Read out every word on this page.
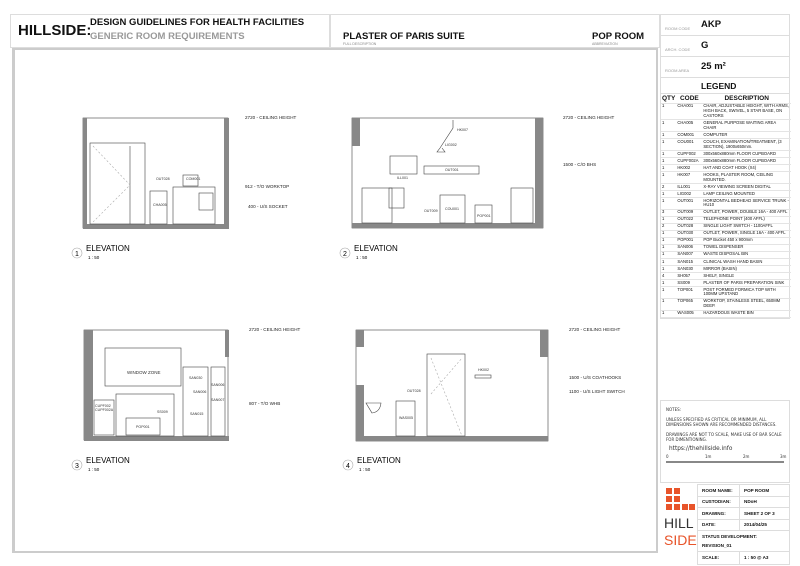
HILLSIDE:
DESIGN GUIDELINES FOR HEALTH FACILITIES
GENERIC ROOM REQUIREMENTS	PLASTER OF PARIS SUITE
FULL DESCRIPTION
POP ROOM
ABBREVIATION
OUT028	COM001
CHA005
HK007
LIG002
ILL001
OUT001
OUT009 COU001
POP001
WINDOW ZONE
SAN030
SAN006
SAN006
SAN007
SAN015
SS009
CUPF002
CUPF002A
POP001
HK002
OUT028
WAS005
2720 - CEILING HEIGHT
912 - T/O WORKTOP
400 - U/S SOCKET
2720 - CEILING HEIGHT
1500 - C/O BHS
2720 - CEILING HEIGHT
807 - T/O WHB
2720 - CEILING HEIGHT
1500 - U/S COATHOOKS
1100 - U/S LIGHT SWITCH
1
ELEVATION
1 : 50	2
ELEVATION
1 : 50
3
ELEVATION
1 : 50	4
ELEVATION
1 : 50
ROOM CODE AKP
ARCH. CODE G
ROOM AREA 25 m²
LEGEND
QTY	CODE	DESCRIPTION
1	CHA001	CHAIR, ADJUSTABLE HEIGHT, WITH ARMS, HIGH BACK, SWIVEL, 5 STAR BASE, ON CASTORS
1	CHA005	GENERAL PURPOSE WAITING AREA CHAIR
1	COM001	COMPUTER
1	COU001	COUCH, EXAMINATION/TREATMENT, (3 SECTION), 1900x650mm.
1	CUPF002	300x560x880mm FLOOR CUPBOARD
1	CUPF002A	300x560x880mm FLOOR CUPBOARD
1	HK002	HAT AND COAT HOOK (X4)
1	HK007	HOOKS, PLASTER ROOM, CEILING MOUNTED.
2	ILL001	X-RAY VIEWING SCREEN DIGITAL
1	LIG002	LAMP CEILING MOUNTED
1	OUT001	HORIZONTAL BEDHEAD SERVICE TRUNK - HU10
3	OUT009	OUTLET, POWER, DOUBLE 16A - 400 AFFL
1	OUT022	TELEPHONE POINT (400 AFFL)
2	OUT028	SINGLE LIGHT SWITCH - 1100AFFL
1	OUT030	OUTLET, POWER, SINGLE 16A - 400 AFFL
1	POP001	POP Bucket 450 x 900mm
1	SAN006	TOWEL DISPENSER
1	SAN007	WASTE DISPOSAL BIN
1	SAN015	CLINICAL WASH HAND BASIN
1	SAN030	MIRROR (BASIN)
4	SH057	SHELF, SINGLE
1	SS009	PLASTER OF PARIS PREPARATION SINK
1	TOP001	POST FORMED FORMICA TOP WITH 100MM UPSTAND
1	TOP065	WORKTOP, STAINLESS STEEL, 650MM DEEP.
1	WAS005	HAZARDOUS WASTE BIN
NOTES:
UNLESS SPECIFIED AS CRITICAL OR MINIMUM, ALL DIMENSIONS SHOWN ARE RECOMMENDED DISTANCES.
DRAWINGS ARE NOT TO SCALE, MAKE USE OF BAR SCALE FOR DIMENTIONING.
https://thehillside.info
0	1m	2m	3m
HILL
SIDE
ROOM NAME:	POP ROOM
CUSTODIAN:	NDoH
DRAWING:	SHEET 2 OF 3
DATE:	2014/04/25
STATUS DEVELOPMENT:
REVISION_01
SCALE:	1 : 50 @ A3
